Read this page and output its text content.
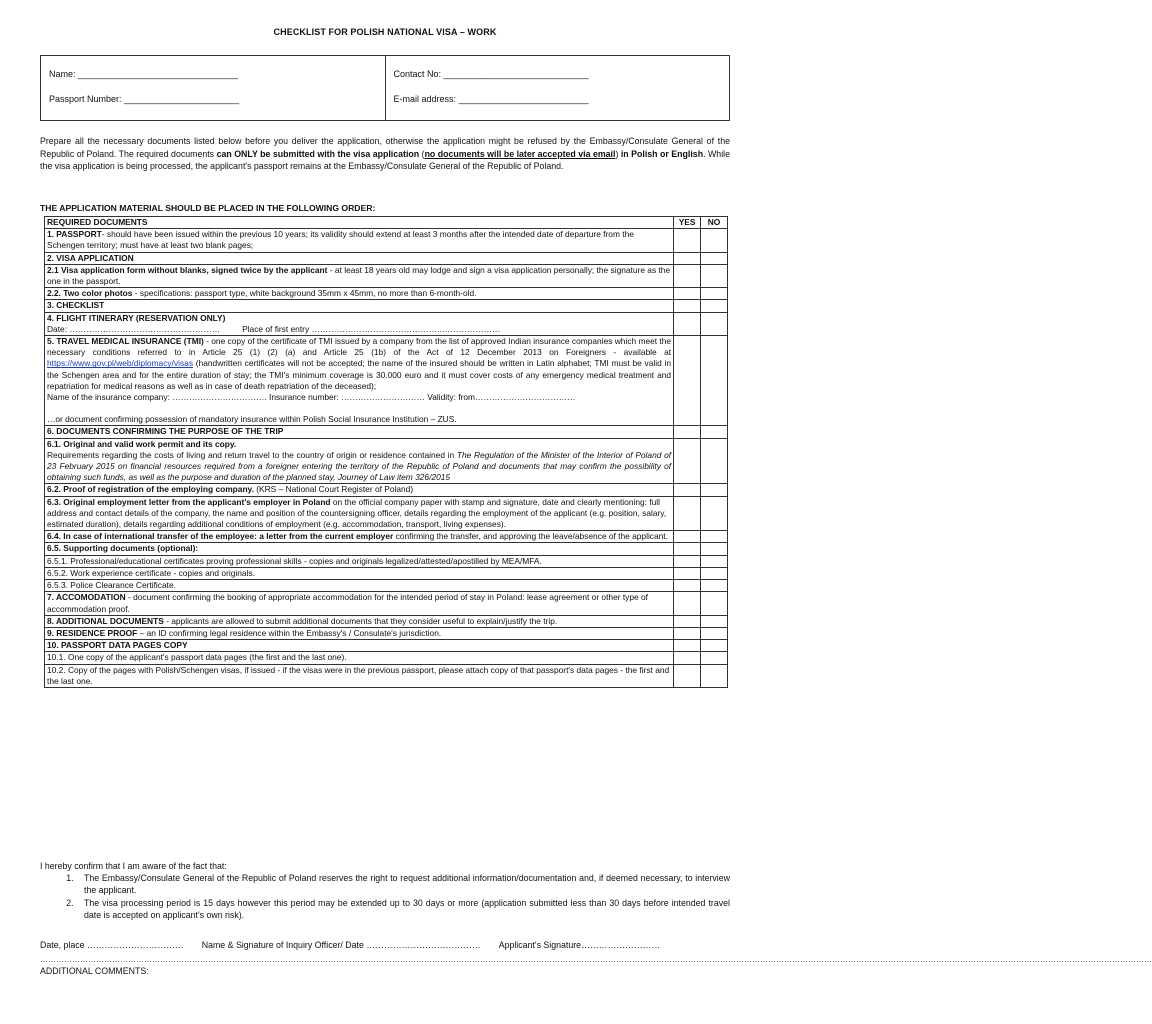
CHECKLIST FOR POLISH NATIONAL VISA – WORK
Name: ________________________________
Passport Number: _______________________
Contact No: _____________________________
E-mail address: __________________________
Prepare all the necessary documents listed below before you deliver the application, otherwise the application might be refused by the Embassy/Consulate General of the Republic of Poland. The required documents can ONLY be submitted with the visa application (no documents will be later accepted via email) in Polish or English. While the visa application is being processed, the applicant's passport remains at the Embassy/Consulate General of the Republic of Poland.
THE APPLICATION MATERIAL SHOULD BE PLACED IN THE FOLLOWING ORDER:
REQUIRED DOCUMENTS	YES	NO
1. PASSPORT- should have been issued within the previous 10 years; its validity should extend at least 3 months after the intended date of departure from the Schengen territory; must have at least two blank pages;		
2. VISA APPLICATION		
2.1 Visa application form without blanks, signed twice by the applicant - at least 18 years old may lodge and sign a visa application personally; the signature as the one in the passport.		
2.2. Two color photos - specifications: passport type, white background 35mm x 45mm, no more than 6-month-old.		
3. CHECKLIST		

4. FLIGHT ITINERARY (RESERVATION ONLY)
Date: ……………………………………………… Place of first entry ………………………………………..…………………		

5. TRAVEL MEDICAL INSURANCE (TMI) - one copy of the certificate of TMI issued by a company from the list of approved Indian insurance companies which meet the necessary conditions referred to in Article 25 (1) (2) (a) and Article 25 (1b) of the Act of 12 December 2013 on Foreigners - available at https://www.gov.pl/web/diplomacy/visas (handwritten certificates will not be accepted; the name of the insured should be written in Latin alphabet; TMI must be valid in the Schengen area and for the entire duration of stay; the TMI's minimum coverage is 30.000 euro and it must cover costs of any emergency medical treatment and repatriation for medical reasons as well as in case of death repatriation of the deceased);
Name of the insurance company: ……………………………. Insurance number: ………………………… Validity: from………………………………
…or document confirming possession of mandatory insurance within Polish Social Insurance Institution – ZUS.		

6. DOCUMENTS CONFIRMING THE PURPOSE OF THE TRIP		

6.1. Original and valid work permit and its copy.
Requirements regarding the costs of living and return travel to the country of origin or residence contained in The Regulation of the Minister of the Interior of Poland of 23 February 2015 on financial resources required from a foreigner entering the territory of the Republic of Poland and documents that may confirm the possibility of obtaining such funds, as well as the purpose and duration of the planned stay, Journey of Law item 326/2015		
6.2. Proof of registration of the employing company. (KRS – National Court Register of Poland)		
6.3. Original employment letter from the applicant's employer in Poland on the official company paper with stamp and signature, date and clearly mentioning: full address and contact details of the company, the name and position of the countersigning officer, details regarding the employment of the applicant (e.g. position, salary, estimated duration), details regarding additional conditions of employment (e.g. accommodation, transport, living expenses).		
6.4. In case of international transfer of the employee: a letter from the current employer confirming the transfer, and approving the leave/absence of the applicant.		
6.5. Supporting documents (optional):		
6.5.1. Professional/educational certificates proving professional skills - copies and originals legalized/attested/apostilled by MEA/MFA.		
6.5.2. Work experience certificate - copies and originals.		
6.5.3. Police Clearance Certificate.		
7. ACCOMODATION - document confirming the booking of appropriate accommodation for the intended period of stay in Poland: lease agreement or other type of accommodation proof.		
8. ADDITIONAL DOCUMENTS - applicants are allowed to submit additional documents that they consider useful to explain/justify the trip.		
9. RESIDENCE PROOF – an ID confirming legal residence within the Embassy's / Consulate's jurisdiction.		
10. PASSPORT DATA PAGES COPY		
10.1. One copy of the applicant's passport data pages (the first and the last one).		
10.2. Copy of the pages with Polish/Schengen visas, if issued - if the visas were in the previous passport, please attach copy of that passport's data pages - the first and the last one.		
I hereby confirm that I am aware of the fact that:
1. The Embassy/Consulate General of the Republic of Poland reserves the right to request additional information/documentation and, if deemed necessary, to interview the applicant.
2. The visa processing period is 15 days however this period may be extended up to 30 days or more (application submitted less than 30 days before intended travel date is accepted on applicant's own risk).
Date, place …………………………… Name & Signature of Inquiry Officer/ Date ………………………………… Applicant's Signature………………………
…………………………………………………………………………………………………………………………………………………………………………………………………………………………………………………………………………………………………………………………………………………………………………………
ADDITIONAL COMMENTS:
